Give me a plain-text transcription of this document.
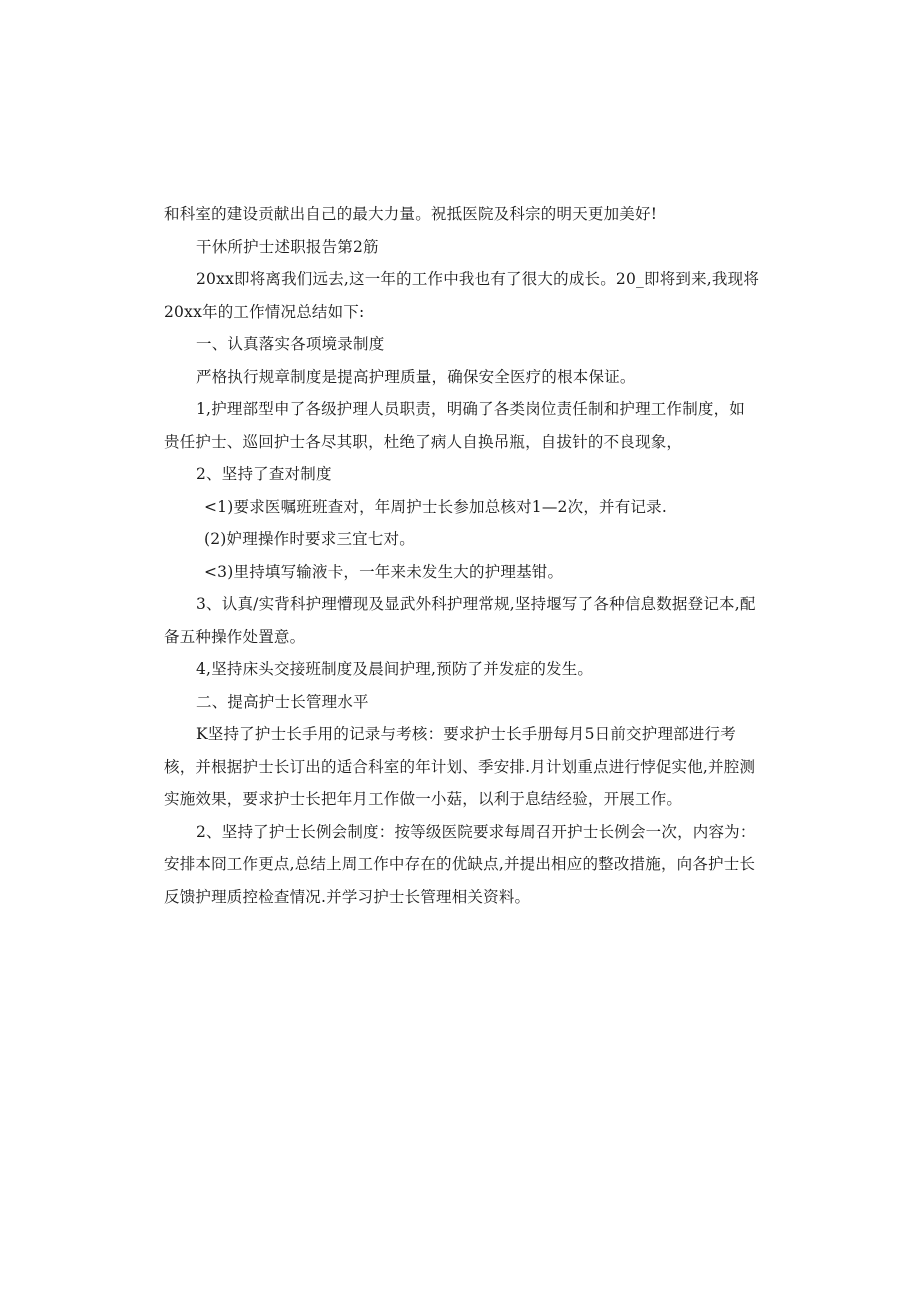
和科室的建设贡献出自己的最大力量。祝抵医院及科宗的明天更加美好!

干休所护士述职报告第2筋

20xx即将离我们远去,这一年的工作中我也有了很大的成长。20_即将到来,我现将20xx年的工作情况总结如下:

一、认真落实各项境录制度

严格执行规章制度是提高护理质量，确保安全医疗的根本保证。

1,护理部型申了各级护理人员职责，明确了各类岗位责任制和护理工作制度，如贵任护士、巡回护士各尽其职，杜绝了病人自换吊瓶，自拔针的不良现象，

2、坚持了查对制度

<1)要求医嘱班班查对，年周护士长参加总核对1—2次，并有记录.

(2)妒理操作时要求三宜七对。

<3)里持填写输液卡，一年来未发生大的护理基钳。

3、认真/实背科护理懵现及显武外科护理常规,坚持堰写了各种信息数据登记本,配备五种操作处置意。

4,坚持床头交接班制度及晨间护理,预防了并发症的发生。

二、提高护士长管理水平

K坚持了护士长手用的记录与考核：要求护士长手册每月5日前交护理部进行考核，并根据护士长订出的适合科室的年计划、季安排.月计划重点进行悖促实他,并腔测实施效果，要求护士长把年月工作做一小菇，以利于息结经验，开展工作。

2、坚持了护士长例会制度：按等级医院要求每周召开护士长例会一次，内容为：安排本冏工作更点,总结上周工作中存在的优缺点,并提出相应的整改措施，向各护士长反馈护理质控检查情况.并学习护士长管理相关资料。
